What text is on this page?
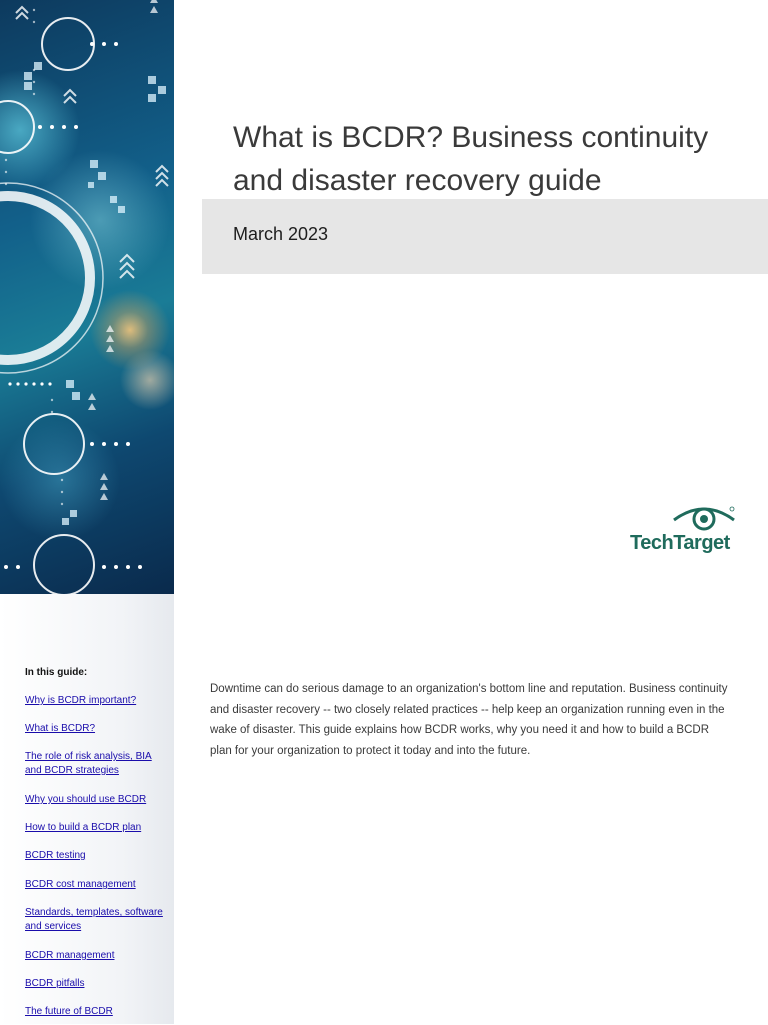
In this guide:
Why is BCDR important?
What is BCDR?
The role of risk analysis, BIA and BCDR strategies
Why you should use BCDR
How to build a BCDR plan
BCDR testing
BCDR cost management
Standards, templates, software and services
BCDR management
BCDR pitfalls
The future of BCDR
What is BCDR? Business continuity and disaster recovery guide
March 2023
TechTarget

Downtime can do serious damage to an organization's bottom line and reputation. Business continuity and disaster recovery -- two closely related practices -- help keep an organization running even in the wake of disaster. This guide explains how BCDR works, why you need it and how to build a BCDR plan for your organization to protect it today and into the future.
